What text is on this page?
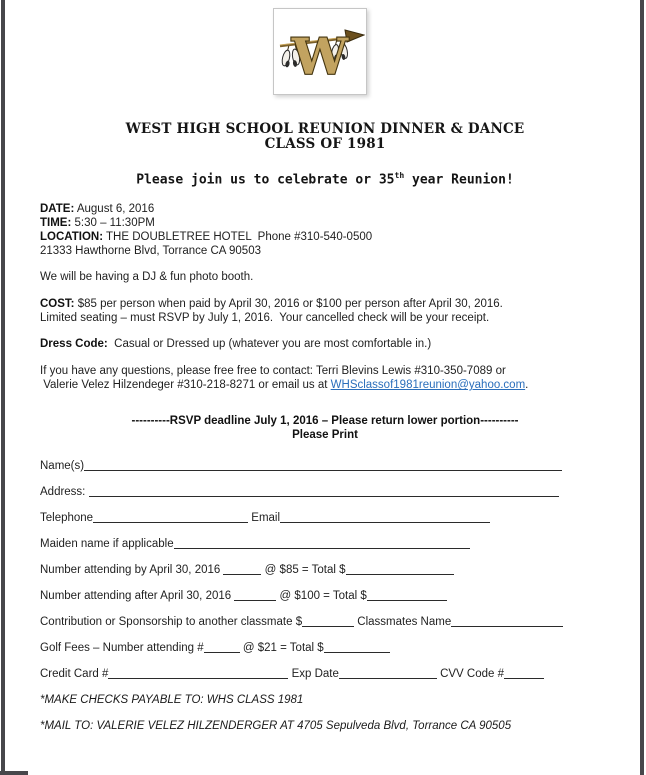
W
WEST HIGH SCHOOL REUNION DINNER & DANCE
CLASS OF 1981
Please join us to celebrate or 35th year Reunion!
DATE: August 6, 2016
TIME: 5:30 – 11:30PM
LOCATION: THE DOUBLETREE HOTEL  Phone #310-540-0500
21333 Hawthorne Blvd, Torrance CA 90503
We will be having a DJ & fun photo booth.
COST: $85 per person when paid by April 30, 2016 or $100 per person after April 30, 2016.
Limited seating – must RSVP by July 1, 2016.  Your cancelled check will be your receipt.
Dress Code:  Casual or Dressed up (whatever you are most comfortable in.)
If you have any questions, please free free to contact: Terri Blevins Lewis #310-350-7089 or
Valerie Velez Hilzendeger #310-218-8271 or email us at WHSclassof1981reunion@yahoo.com.
----------RSVP deadline July 1, 2016 – Please return lower portion----------
Please Print
Name(s)
Address:
Telephone	Email
Maiden name if applicable
Number attending by April 30, 2016	@ $85 = Total $
Number attending after April 30, 2016	@ $100 = Total $
Contribution or Sponsorship to another classmate $	Classmates Name
Golf Fees – Number attending #	@ $21 = Total $
Credit Card #	Exp Date	CVV Code #
*MAKE CHECKS PAYABLE TO: WHS CLASS 1981
*MAIL TO: VALERIE VELEZ HILZENDERGER AT 4705 Sepulveda Blvd, Torrance CA 90505
